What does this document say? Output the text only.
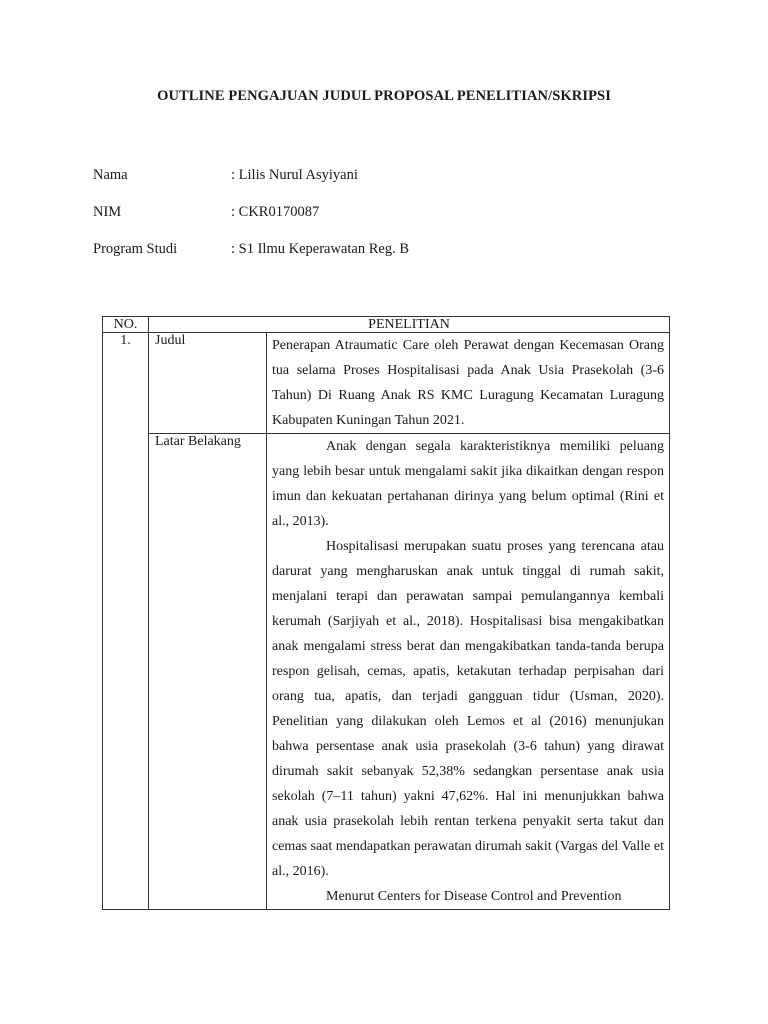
OUTLINE PENGAJUAN JUDUL PROPOSAL PENELITIAN/SKRIPSI
Nama	: Lilis Nurul Asyiyani
NIM	: CKR0170087
Program Studi	: S1 Ilmu Keperawatan Reg. B
NO.	PENELITIAN	
1.	Judul	Penerapan Atraumatic Care oleh Perawat dengan Kecemasan Orang tua selama Proses Hospitalisasi pada Anak Usia Prasekolah (3-6 Tahun) Di Ruang Anak RS KMC Luragung Kecamatan Luragung Kabupaten Kuningan Tahun 2021.
	Latar Belakang	Anak dengan segala karakteristiknya memiliki peluang yang lebih besar untuk mengalami sakit jika dikaitkan dengan respon imun dan kekuatan pertahanan dirinya yang belum optimal (Rini et al., 2013).

Hospitalisasi merupakan suatu proses yang terencana atau darurat yang mengharuskan anak untuk tinggal di rumah sakit, menjalani terapi dan perawatan sampai pemulangannya kembali kerumah (Sarjiyah et al., 2018). Hospitalisasi bisa mengakibatkan anak mengalami stress berat dan mengakibatkan tanda-tanda berupa respon gelisah, cemas, apatis, ketakutan terhadap perpisahan dari orang tua, apatis, dan terjadi gangguan tidur (Usman, 2020). Penelitian yang dilakukan oleh Lemos et al (2016) menunjukan bahwa persentase anak usia prasekolah (3-6 tahun) yang dirawat dirumah sakit sebanyak 52,38% sedangkan persentase anak usia sekolah (7–11 tahun) yakni 47,62%. Hal ini menunjukkan bahwa anak usia prasekolah lebih rentan terkena penyakit serta takut dan cemas saat mendapatkan perawatan dirumah sakit (Vargas del Valle et al., 2016).

Menurut Centers for Disease Control and Prevention
